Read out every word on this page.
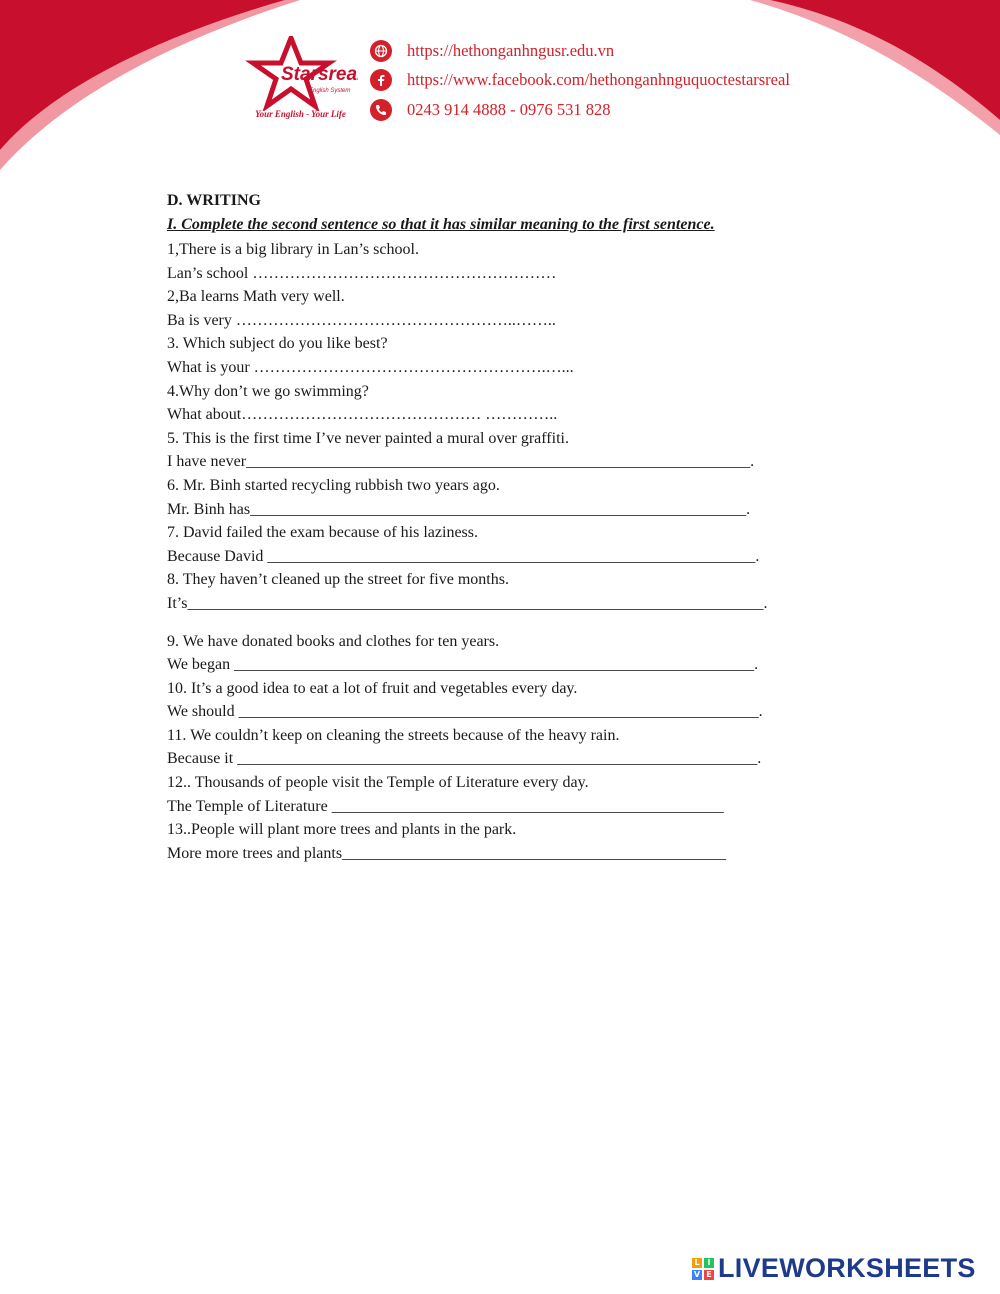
Starsreal
English System
Your English - Your Life
https://hethonganhngusr.edu.vn
https://www.facebook.com/hethonganhnguquoctestarsreal
0243 914 4888 - 0976 531 828
D. WRITING
I. Complete the second sentence so that it has similar meaning to the first sentence.
1,There is a big library in Lan’s school.
Lan’s school …………………………………………………
2,Ba learns Math very well.
Ba is very ……………………………………………..……..
3. Which subject do you like best?
What is your ……………………………………………….…...
4.Why don’t we go swimming?
What about……………………………………… …………..
5. This is the first time I’ve never painted a mural over graffiti.
I have never_______________________________________________________________.
6. Mr. Binh started recycling rubbish two years ago.
Mr. Binh has______________________________________________________________.
7. David failed the exam because of his laziness.
Because David _____________________________________________________________.
8. They haven’t cleaned up the street for five months.
It’s________________________________________________________________________.
9. We have donated books and clothes for ten years.
We began _________________________________________________________________.
10. It’s a good idea to eat a lot of fruit and vegetables every day.
We should _________________________________________________________________.
11. We couldn’t keep on cleaning the streets because of the heavy rain.
Because it _________________________________________________________________.
12.. Thousands of people visit the Temple of Literature every day.
The Temple of Literature _________________________________________________
13..People will plant more trees and plants in the park.
More more trees and plants________________________________________________
L I
V E LIVEWORKSHEETS
